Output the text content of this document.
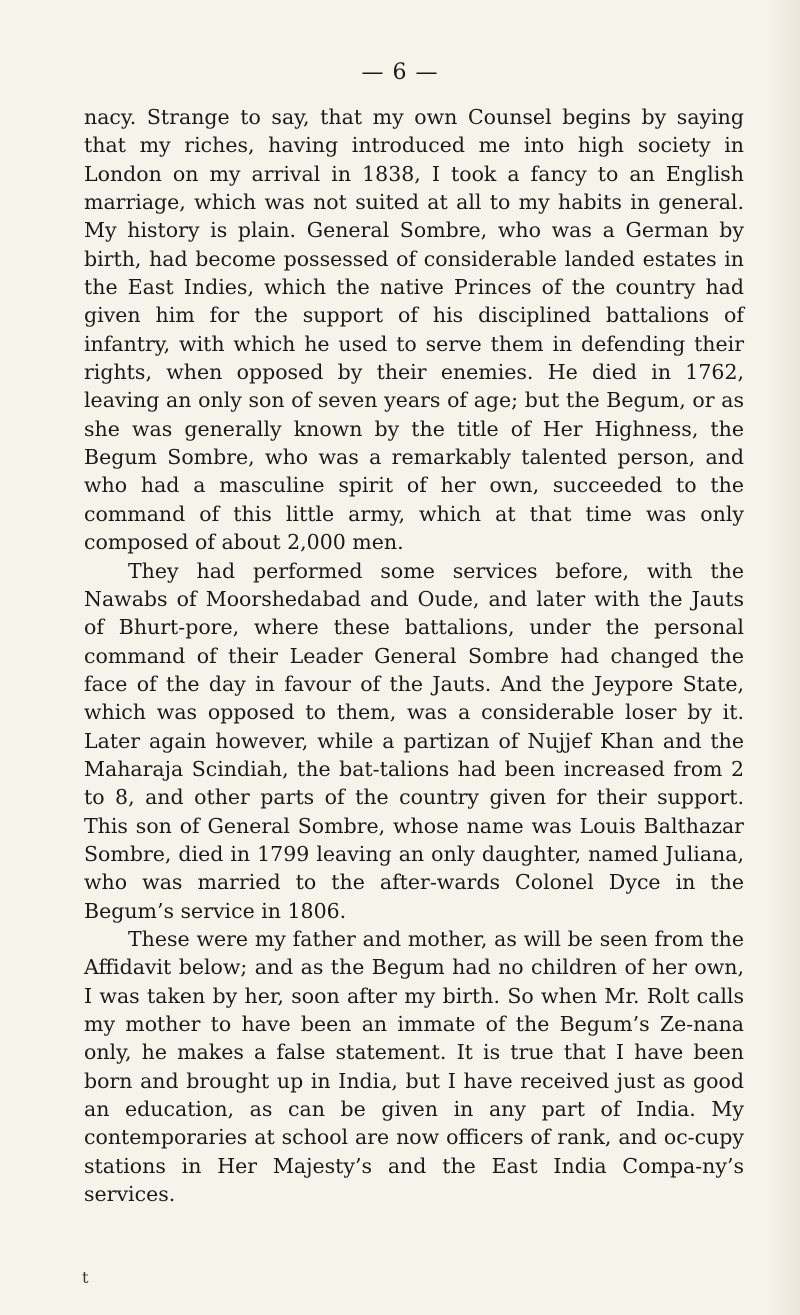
— 6 —

nacy. Strange to say, that my own Counsel begins by saying that my riches, having introduced me into high society in London on my arrival in 1838, I took a fancy to an English marriage, which was not suited at all to my habits in general. My history is plain. General Sombre, who was a German by birth, had become possessed of considerable landed estates in the East Indies, which the native Princes of the country had given him for the support of his disciplined battalions of infantry, with which he used to serve them in defending their rights, when opposed by their enemies. He died in 1762, leaving an only son of seven years of age; but the Begum, or as she was generally known by the title of Her Highness, the Begum Sombre, who was a remarkably talented person, and who had a masculine spirit of her own, succeeded to the command of this little army, which at that time was only composed of about 2,000 men.

They had performed some services before, with the Nawabs of Moorshedabad and Oude, and later with the Jauts of Bhurt-pore, where these battalions, under the personal command of their Leader General Sombre had changed the face of the day in favour of the Jauts. And the Jeypore State, which was opposed to them, was a considerable loser by it. Later again however, while a partizan of Nujjef Khan and the Maharaja Scindiah, the bat-talions had been increased from 2 to 8, and other parts of the country given for their support. This son of General Sombre, whose name was Louis Balthazar Sombre, died in 1799 leaving an only daughter, named Juliana, who was married to the after-wards Colonel Dyce in the Begum’s service in 1806.

These were my father and mother, as will be seen from the Affidavit below; and as the Begum had no children of her own, I was taken by her, soon after my birth. So when Mr. Rolt calls my mother to have been an immate of the Begum’s Ze-nana only, he makes a false statement. It is true that I have been born and brought up in India, but I have received just as good an education, as can be given in any part of India. My contemporaries at school are now officers of rank, and oc-cupy stations in Her Majesty’s and the East India Compa-ny’s services.

t
